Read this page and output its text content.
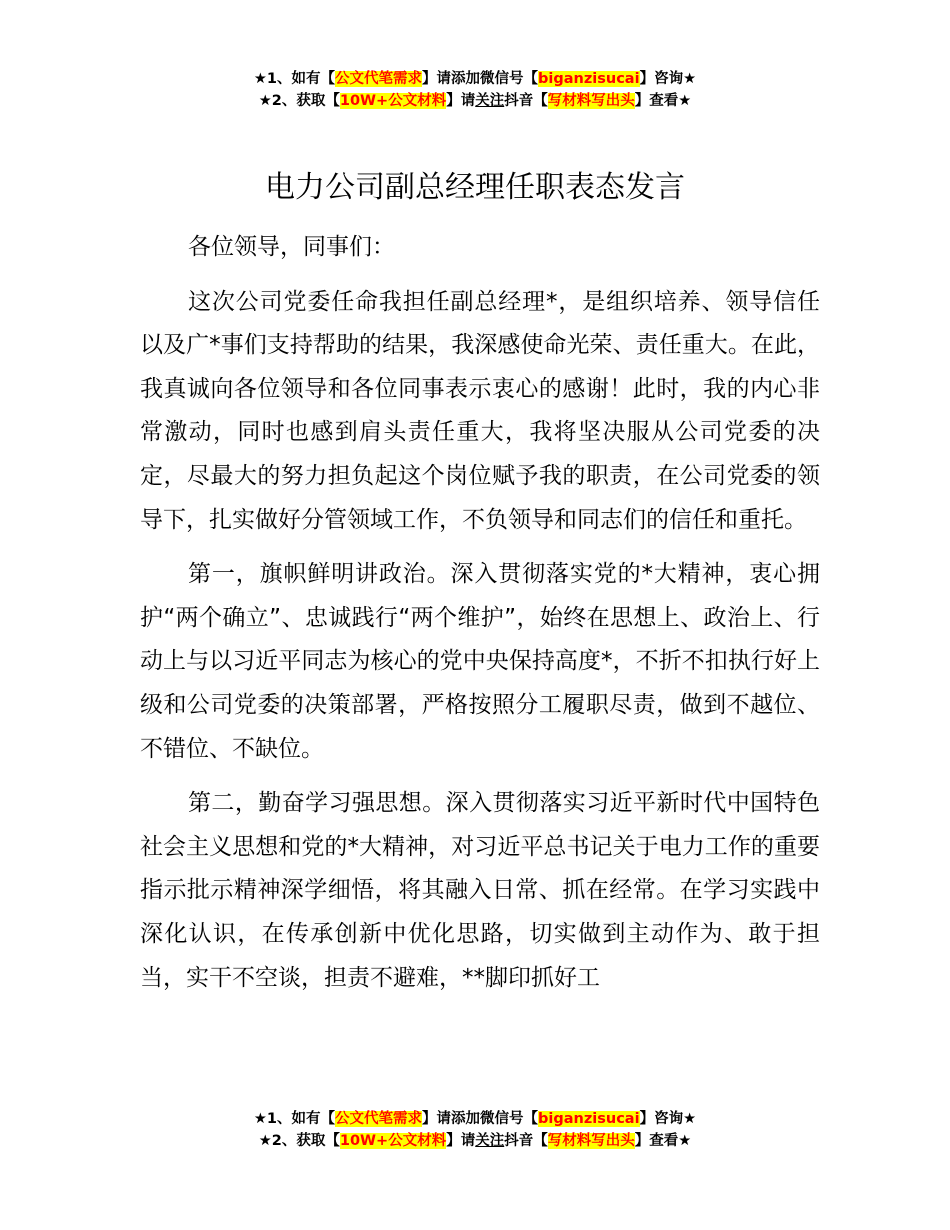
★1、如有【公文代笔需求】请添加微信号【biganzisucai】咨询★
★2、获取【10W+公文材料】请关注抖音【写材料写出头】查看★
电力公司副总经理任职表态发言

各位领导，同事们：

这次公司党委任命我担任副总经理*，是组织培养、领导信任以及广*事们支持帮助的结果，我深感使命光荣、责任重大。在此，我真诚向各位领导和各位同事表示衷心的感谢！此时，我的内心非常激动，同时也感到肩头责任重大，我将坚决服从公司党委的决定，尽最大的努力担负起这个岗位赋予我的职责，在公司党委的领导下，扎实做好分管领域工作，不负领导和同志们的信任和重托。

第一，旗帜鲜明讲政治。深入贯彻落实党的*大精神，衷心拥护“两个确立”、忠诚践行“两个维护”，始终在思想上、政治上、行动上与以习近平同志为核心的党中央保持高度*，不折不扣执行好上级和公司党委的决策部署，严格按照分工履职尽责，做到不越位、不错位、不缺位。

第二，勤奋学习强思想。深入贯彻落实习近平新时代中国特色社会主义思想和党的*大精神，对习近平总书记关于电力工作的重要指示批示精神深学细悟，将其融入日常、抓在经常。在学习实践中深化认识，在传承创新中优化思路，切实做到主动作为、敢于担当，实干不空谈，担责不避难，**脚印抓好工

★1、如有【公文代笔需求】请添加微信号【biganzisucai】咨询★
★2、获取【10W+公文材料】请关注抖音【写材料写出头】查看★
